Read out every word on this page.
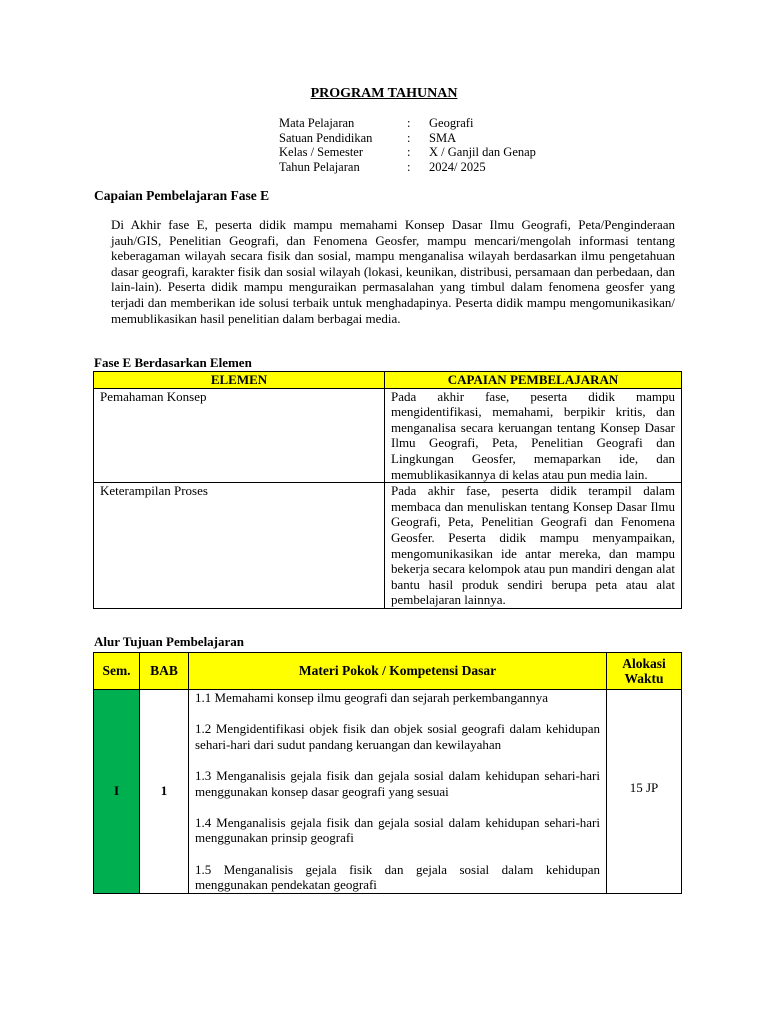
PROGRAM TAHUNAN
Mata Pelajaran	:	Geografi
Satuan Pendidikan	:	SMA
Kelas / Semester	:	X / Ganjil dan Genap
Tahun Pelajaran	:	2024/ 2025
Capaian Pembelajaran Fase E
Di Akhir fase E, peserta didik mampu memahami Konsep Dasar Ilmu Geografi, Peta/Penginderaan jauh/GIS, Penelitian Geografi, dan Fenomena Geosfer, mampu mencari/mengolah informasi tentang keberagaman wilayah secara fisik dan sosial, mampu menganalisa wilayah berdasarkan ilmu pengetahuan dasar geografi, karakter fisik dan sosial wilayah (lokasi, keunikan, distribusi, persamaan dan perbedaan, dan lain-lain). Peserta didik mampu menguraikan permasalahan yang timbul dalam fenomena geosfer yang terjadi dan memberikan ide solusi terbaik untuk menghadapinya. Peserta didik mampu mengomunikasikan/ memublikasikan hasil penelitian dalam berbagai media.
Fase E Berdasarkan Elemen
ELEMEN	CAPAIAN PEMBELAJARAN
Pemahaman Konsep	Pada akhir fase, peserta didik mampu mengidentifikasi, memahami, berpikir kritis, dan menganalisa secara keruangan tentang Konsep Dasar Ilmu Geografi, Peta, Penelitian Geografi dan Lingkungan Geosfer, memaparkan ide, dan memublikasikannya di kelas atau pun media lain.
Keterampilan Proses	Pada akhir fase, peserta didik terampil dalam membaca dan menuliskan tentang Konsep Dasar Ilmu Geografi, Peta, Penelitian Geografi dan Fenomena Geosfer. Peserta didik mampu menyampaikan, mengomunikasikan ide antar mereka, dan mampu bekerja secara kelompok atau pun mandiri dengan alat bantu hasil produk sendiri berupa peta atau alat pembelajaran lainnya.
Alur Tujuan Pembelajaran
Sem.	BAB	Materi Pokok / Kompetensi Dasar	Alokasi Waktu
I	1	1.1 Memahami konsep ilmu geografi dan sejarah perkembangannya
1.2 Mengidentifikasi objek fisik dan objek sosial geografi dalam kehidupan sehari-hari dari sudut pandang keruangan dan kewilayahan
1.3 Menganalisis gejala fisik dan gejala sosial dalam kehidupan sehari-hari menggunakan konsep dasar geografi yang sesuai
1.4 Menganalisis gejala fisik dan gejala sosial dalam kehidupan sehari-hari menggunakan prinsip geografi
1.5 Menganalisis gejala fisik dan gejala sosial dalam kehidupan menggunakan pendekatan geografi	15 JP
